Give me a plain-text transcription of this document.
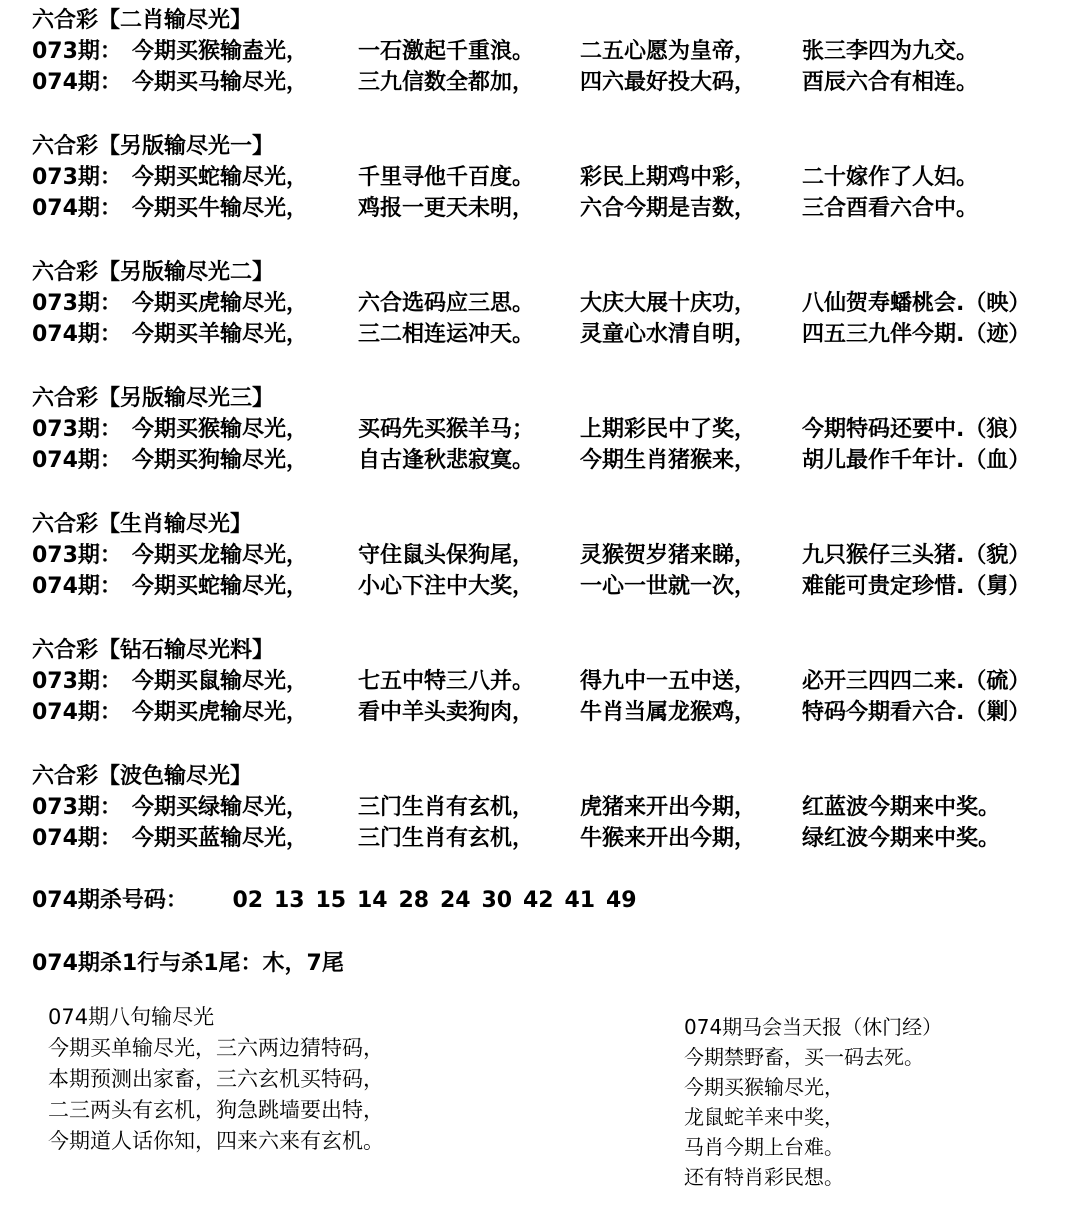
六合彩【二肖输尽光】
073期： 今期买猴输盍光，	一石激起千重浪。	二五心愿为皇帝，	张三李四为九交。
074期： 今期买马输尽光，	三九信数全都加，	四六最好投大码，	酉辰六合有相连。
六合彩【另版输尽光一】
073期： 今期买蛇输尽光，	千里寻他千百度。	彩民上期鸡中彩，	二十嫁作了人妇。
074期： 今期买牛输尽光，	鸡报一更天未明，	六合今期是吉数，	三合酉看六合中。
六合彩【另版输尽光二】
073期： 今期买虎输尽光，	六合选码应三思。	大庆大展十庆功，	八仙贺寿蟠桃会.（映）
074期： 今期买羊输尽光，	三二相连运冲天。	灵童心水清自明，	四五三九伴今期.（迹）
六合彩【另版输尽光三】
073期： 今期买猴输尽光，	买码先买猴羊马；	上期彩民中了奖，	今期特码还要中.（狼）
074期： 今期买狗输尽光，	自古逢秋悲寂寞。	今期生肖猪猴来，	胡儿最作千年计.（血）
六合彩【生肖输尽光】
073期： 今期买龙输尽光，	守住鼠头保狗尾，	灵猴贺岁猪来睇，	九只猴仔三头猪.（貌）
074期： 今期买蛇输尽光，	小心下注中大奖，	一心一世就一次，	难能可贵定珍惜.（舅）
六合彩【钻石输尽光料】
073期： 今期买鼠输尽光，	七五中特三八并。	得九中一五中送，	必开三四四二来.（硫）
074期： 今期买虎输尽光，	看中羊头卖狗肉，	牛肖当属龙猴鸡，	特码今期看六合.（剿）
六合彩【波色输尽光】
073期： 今期买绿输尽光，	三门生肖有玄机，	虎猪来开出今期，	红蓝波今期来中奖。
074期： 今期买蓝输尽光，	三门生肖有玄机，	牛猴来开出今期，	绿红波今期来中奖。
074期杀号码：	02 13 15 14 28 24 30 42 41 49
074期杀1行与杀1尾：木，7尾
074期八句输尽光
今期买单输尽光，三六两边猜特码，
本期预测出家畜，三六玄机买特码，
二三两头有玄机，狗急跳墙要出特，
今期道人话你知，四来六来有玄机。
074期马会当天报（休门经）
今期禁野畜，买一码去死。
今期买猴输尽光，
龙鼠蛇羊来中奖，
马肖今期上台难。
还有特肖彩民想。
